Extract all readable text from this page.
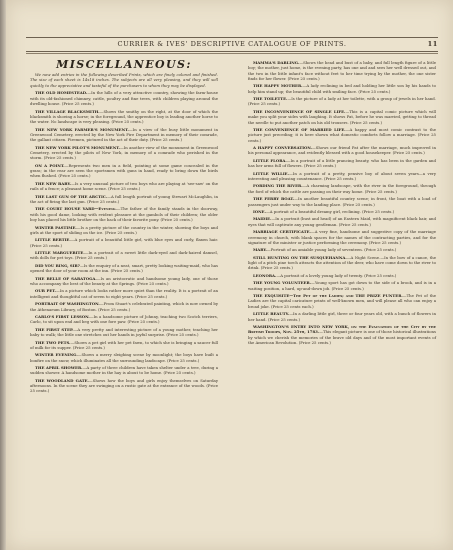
CURRIER & IVES' DESCRIPTIVE CATALOGUE OF PRINTS.	11
MISCELLANEOUS:

We now add entries in the following described Prints, which are finely colored and finished. The size of each sheet is 14x18 inches. The subjects are all very pleasing, and they will sell quickly to the appreciative and tasteful of the purchasers to whom they may be displayed.

THE OLD HOMESTEAD.—In the hills of a very attractive country, showing the farm-house with its old-fashioned chimney, cattle, poultry and fine trees, with children playing around the dwelling house. (Price 25 cents.)

THE VILLAGE BLACKSMITH.—Shows the smithy on the right, at the door of which the blacksmith is shoeing a horse; in the foreground, the apprentice boy is leading another horse to the water. No landscape is very pleasing. (Price 25 cents.)

THE NEW YORK FARMER'S MONUMENT.—In a view of the busy little monument in Greenwood Cemetery, erected by the New York Fire Department in memory of their comrade, the gallant citizen. Firemen, pictured in the act of their duty. (Price 25 cents.)

THE NEW YORK PILOT'S MONUMENT.—In another view of the monument in Greenwood Cemetery, erected by the pilots of New York, in memory of a comrade who perished in the storm. (Price 25 cents.)

ON A POINT.—Represents two men in a field, pointing at some game concealed in the grass; in the rear are seen the sportsmen with guns in hand, ready to bring down the birds when flushed. (Price 25 cents.)

THE NEW BABY.—Is a very unusual picture of two boys who are playing at 'see-saw' on the rails of a fence; a pleasant home scene. (Price 25 cents.)

THE LAST GUN OF THE ARCTIC.—A full length portrait of young Stewart McLaughlin, in the act of firing the last gun. (Price 25 cents.)

THE COURT HOUSE YARD—Evening.—The father of the family stands in the doorway, with his good dame, looking with evident pleasure at the gambols of their children; the older boy has placed his little brother on the back of their favorite pony. (Price 25 cents.)

WINTER PASTIME.—Is a pretty picture of the country in the winter, showing the boys and girls at the sport of sliding on the ice. (Price 25 cents.)

LITTLE BERTIE.—A portrait of a beautiful little girl, with blue eyes and curly, flaxen hair. (Price 25 cents.)

LITTLE MARGUERITE.—In a portrait of a sweet little dark-eyed and dark-haired damsel, with dolls for pet toys. (Price 25 cents.)

DID YOU RING, SIR?—Is the enquiry of a neat, smart, pretty looking waiting-maid, who has opened the door of your room at the inn. (Price 25 cents.)

THE BELLE OF SARATOGA.—Is an aristocratic and handsome young lady, one of those who accompany the best of the beauty at the Springs. (Price 25 cents.)

OUR PET.—In a picture which looks rather more quiet than the reality. It is a portrait of an intelligent and thoughtful cat of seven to eight years. (Price 25 cents.)

PORTRAIT OF WASHINGTON.—From Stuart's celebrated painting, which is now owned by the Athenaeum Library, of Boston. (Price 25 cents.)

CARLO'S FIRST LESSON.—In a handsome picture of Johnny, teaching two Scotch terriers, Carlo, to sit upon end and beg with one fore paw. (Price 25 cents.)

THE FIRST STEP.—A very pretty and interesting picture of a young mother, teaching her baby to walk; the little one stretches out her hands in joyful surprise. (Price 25 cents.)

THE TWO PETS.—Shows a pet girl with her pet fawn, to which she is bringing a saucer full of milk for its supper. (Price 25 cents.)

WINTER EVENING.—Shows a merry sleighing scene by moonlight; the boys have built a bonfire on the snow, which illuminates all the surrounding landscape. (Price 25 cents.)

THE APRIL SHOWER.—A party of three children have taken shelter under a tree, during a sudden shower. A handsome mother in the hay is about to be home. (Price 25 cents.)

THE WOODLAND GATE.—Shows how the boys and girls enjoy themselves on Saturday afternoons. In the scene they are swinging on a rustic gate at the entrance of the woods. (Price 25 cents.)

MAMMA'S DARLING.—Shows the head and bust of a baby, and full length figure of a little boy; the mother, just home, is the evening party, has one and and sees her well dressed out, and the two in the little infant's face without feet to her time trying by the mother, the one sister finds for her flower. (Price 25 cents.)

THE HAPPY MOTHER.—A lady reclining in bed and holding her little son by his hands to help him stand up; the beautiful child with smiling face. (Price 25 cents.)

THE TOILETTE.—Is the picture of a lady at her toilette, with a group of jewels in her hand. (Price 25 cents.)

THE INCONVENIENCE OF SINGLE LIFE.—This is a capital comic picture which will make you split your sides with laughing. It shows Pat, before he was married, getting to thread the needle to put another patch on his old trousers. (Price 25 cents.)

THE CONVENIENCE OF MARRIED LIFE.—A happy and most comic contrast to the picture just preceding; it is here shown what domestic comforts follow a marriage. (Price 25 cents.)

A HAPPY CONVERSATION.—Shows our friend Pat after the marriage, much improved in his personal appearance, and evidently blessed with a good housekeeper. (Price 25 cents.)

LITTLE FLORA.—In a portrait of a little prancing beauty, who has been in the garden and has her arms full of flowers. (Price 25 cents.)

LITTLE WILLIE.—In a portrait of a pretty, pensive boy of about seven years—a very interesting and pleasing countenance. (Price 25 cents.)

FORDING THE RIVER.—A charming landscape, with the river in the foreground, through the ford of which the cattle are passing on their way home. (Price 25 cents.)

THE FERRY BOAT.—In another beautiful country scene; in front, the boat with a load of passengers just under way to the landing place. (Price 25 cents.)

IONE.—A portrait of a beautiful dreamy girl, reclining. (Price 25 cents.)

MAIDIE.—In a portrait (bust and head) of an Eastern Maid, with magnificent black hair, and eyes that will captivate any young gentleman. (Price 25 cents.)

MARRIAGE CERTIFICATE.—A very fine, handsome and suggestive copy of the marriage ceremony in church, with blank spaces for the names of the contracting parties, and for the signature of the minister or justice performing the ceremony. (Price 25 cents.)

MARY.—Portrait of an amiable young lady of seventeen. (Price 25 cents.)

STILL HUNTING ON THE SUSQUEHANNA.—A Night Scene.—In the bow of a canoe, the light of a pitch pine torch attracts the attention of the deer, who have come down to the river to drink. (Price 25 cents.)

LEONORA.—A portrait of a lovely young lady of twenty. (Price 25 cents.)

THE YOUNG VOLUNTEER.—Young sport has got down to the side of a brook, and is in a waiting position, a hard, up-and-down job. (Price 25 cents.)

THE EXQUISITE—The Pet of the Ladies; and THE PRIZE PUNTER.—The Pet of the Ladies are the capital caricature prints of well-known men, and will please all who can enjoy a broad joke. (Price 25 cents each.)

LITTLE BEAUTY.—In a darling little girl, three or four years old, with a bunch of flowers in her hand. (Price 25 cents.)

WASHINGTON'S ENTRY INTO NEW YORK, on the Evacuation of the City by the British Troops, Nov. 25th, 1783.—This elegant picture is one of those historical illustrations by which we cherish the memories of the brave old days and of the most important events of the American Revolution. (Price 25 cents.)
